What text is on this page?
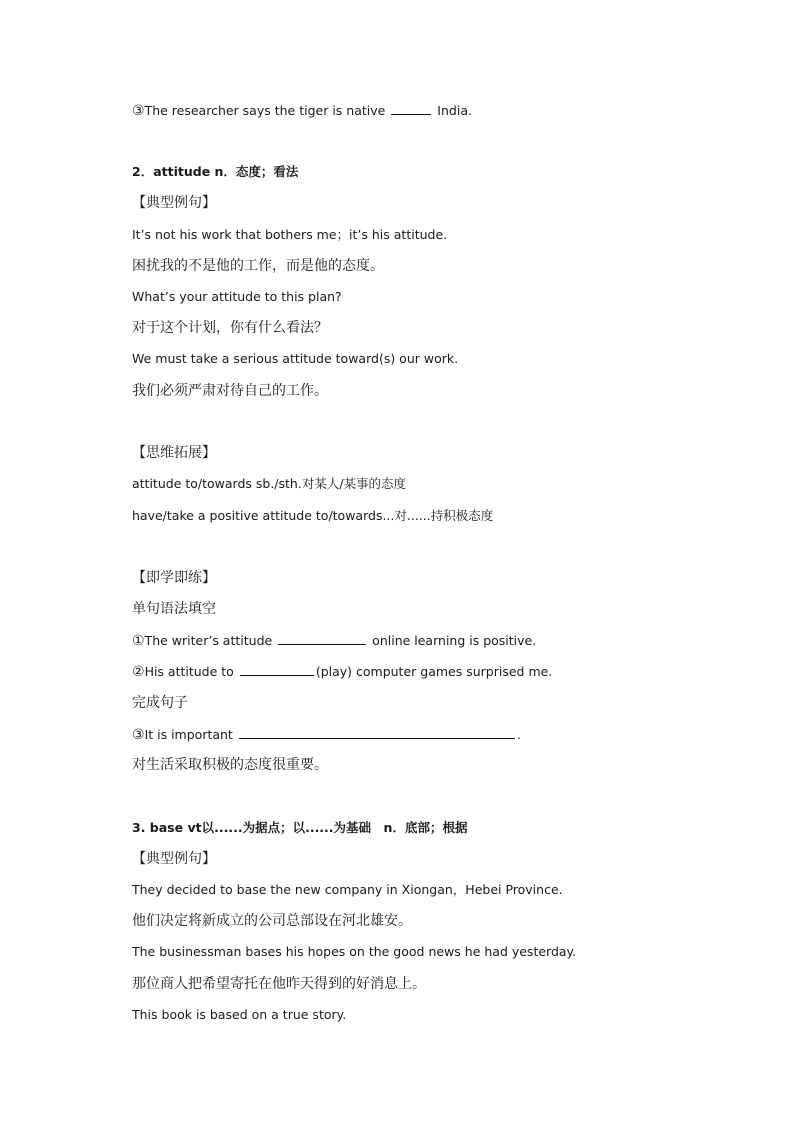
③The researcher says the tiger is native	India.
2．attitude n．态度；看法
【典型例句】
It’s not his work that bothers me；it’s his attitude.
困扰我的不是他的工作，而是他的态度。
What’s your attitude to this plan?
对于这个计划，你有什么看法？
We must take a serious attitude toward(s) our work.
我们必须严肃对待自己的工作。
【思维拓展】
attitude to/towards sb./sth.对某人/某事的态度
have/take a positive attitude to/towards...对......持积极态度
【即学即练】
单句语法填空
①The writer’s attitude	online learning is positive.
②His attitude to	(play) computer games surprised me.
完成句子
③It is important	.
对生活采取积极的态度很重要。
3. base vt以......为据点；以......为基础　n．底部；根据
【典型例句】
They decided to base the new company in Xiongan，Hebei Province.
他们决定将新成立的公司总部设在河北雄安。
The businessman bases his hopes on the good news he had yesterday.
那位商人把希望寄托在他昨天得到的好消息上。
This book is based on a true story.
